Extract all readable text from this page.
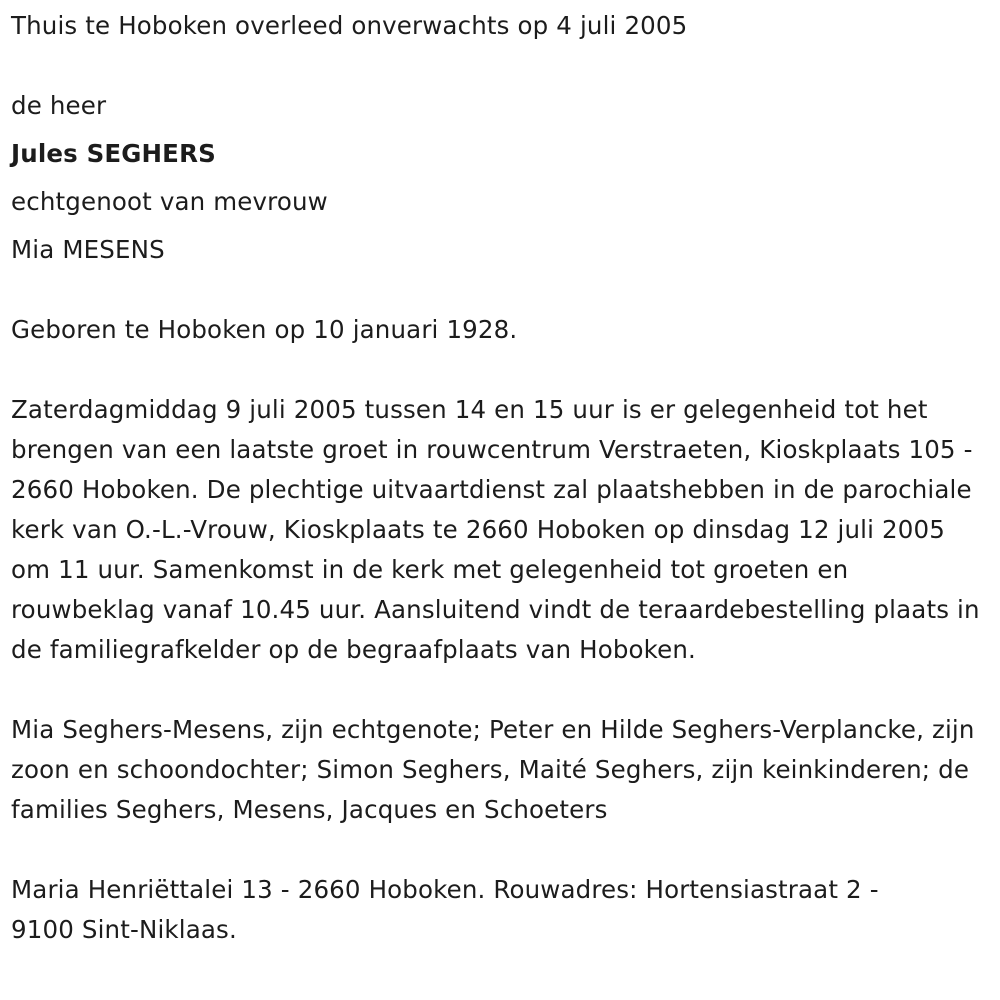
Thuis te Hoboken overleed onverwachts op 4 juli 2005

de heer

Jules SEGHERS

echtgenoot van mevrouw

Mia MESENS

Geboren te Hoboken op 10 januari 1928.

Zaterdagmiddag 9 juli 2005 tussen 14 en 15 uur is er gelegenheid tot het brengen van een laatste groet in rouwcentrum Verstraeten, Kioskplaats 105 - 2660 Hoboken. De plechtige uitvaartdienst zal plaatshebben in de parochiale kerk van O.-L.-Vrouw, Kioskplaats te 2660 Hoboken op dinsdag 12 juli 2005 om 11 uur. Samenkomst in de kerk met gelegenheid tot groeten en rouwbeklag vanaf 10.45 uur. Aansluitend vindt de teraardebestelling plaats in de familiegrafkelder op de begraafplaats van Hoboken.

Mia Seghers-Mesens, zijn echtgenote; Peter en Hilde Seghers-Verplancke, zijn zoon en schoondochter; Simon Seghers, Maité Seghers, zijn keinkinderen; de families Seghers, Mesens, Jacques en Schoeters

Maria Henriëttalei 13 - 2660 Hoboken. Rouwadres: Hortensiastraat 2 - 9100 Sint-Niklaas.
